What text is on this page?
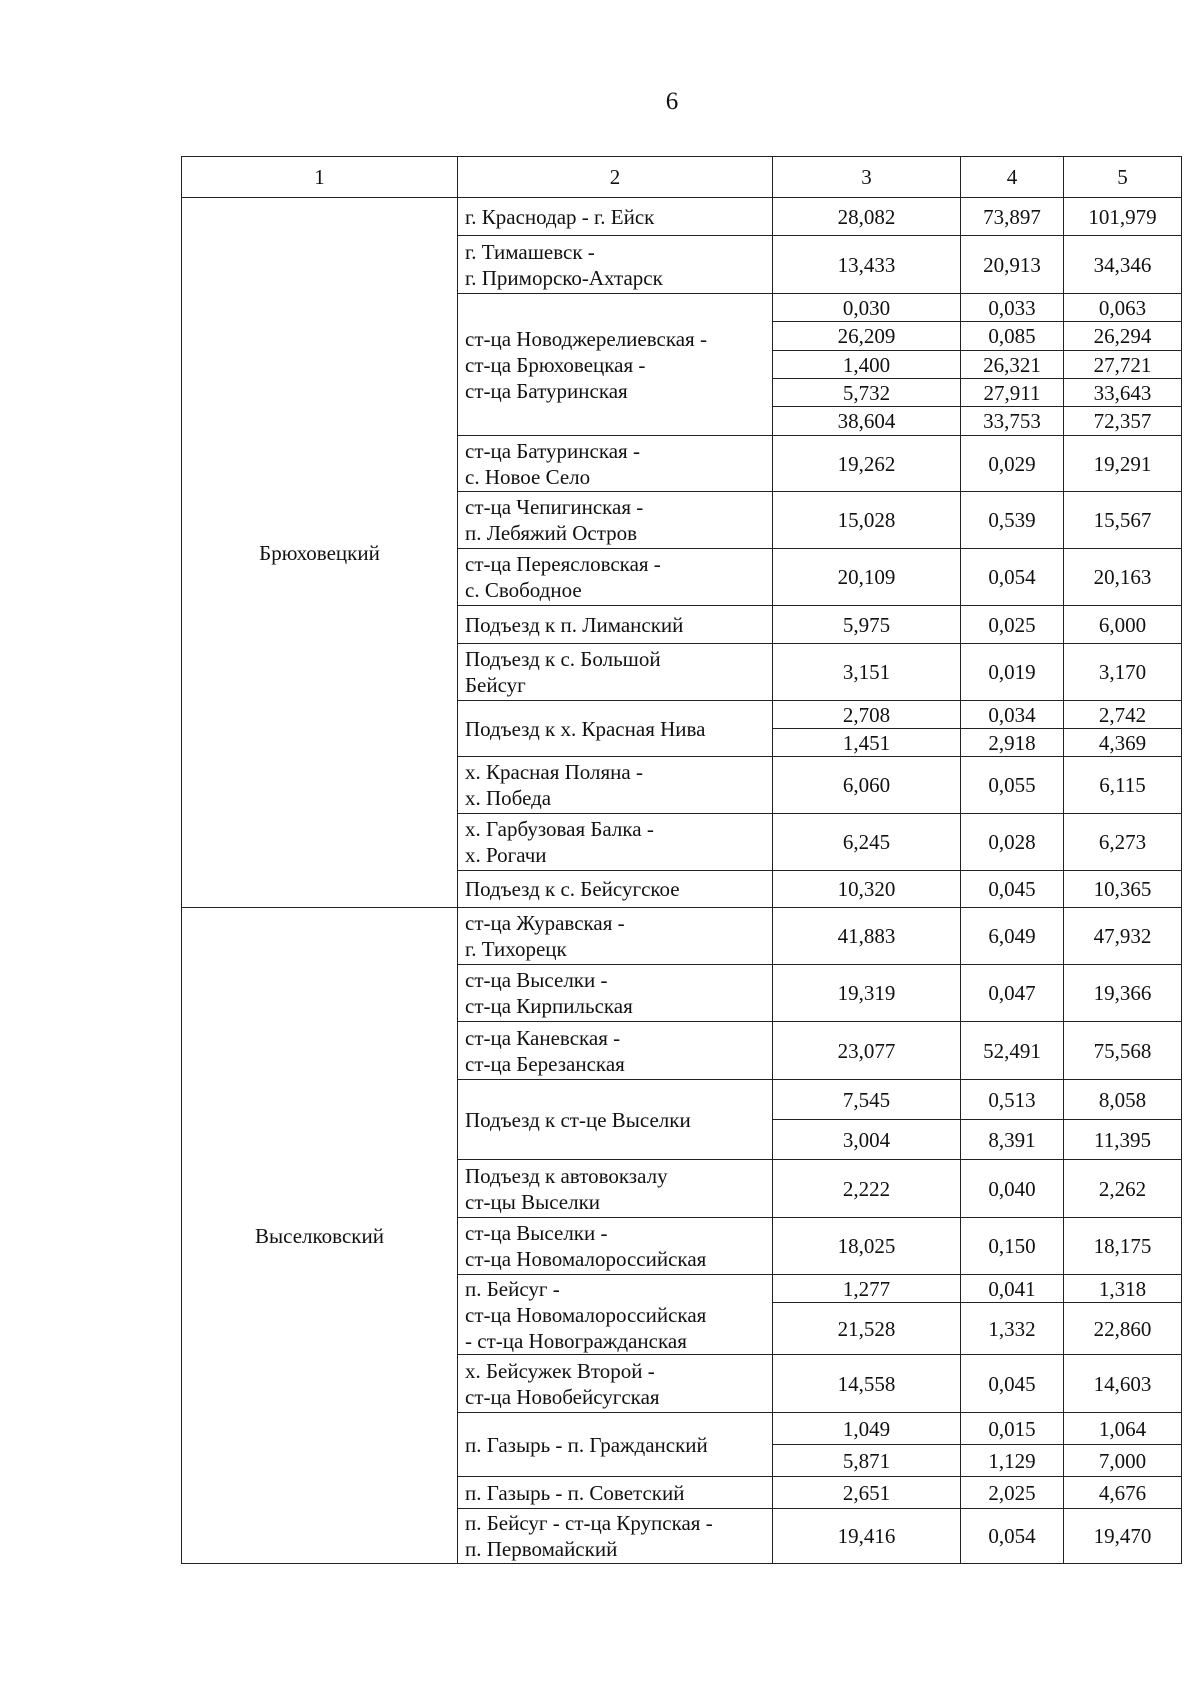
6
1	2	3	4	5
Брюховецкий	г. Краснодар - г. Ейск	28,082	73,897	101,979

	г. Тимашевск -
г. Приморско-Ахтарск	13,433	20,913	34,346

	ст-ца Новоджерелиевская -
ст-ца Брюховецкая -
ст-ца Батуринская	0,030	0,033	0,063
		26,209	0,085	26,294
		1,400	26,321	27,721
		5,732	27,911	33,643
		38,604	33,753	72,357

	ст-ца Батуринская -
с. Новое Село	19,262	0,029	19,291

	ст-ца Чепигинская -
п. Лебяжий Остров	15,028	0,539	15,567

	ст-ца Переясловская -
с. Свободное	20,109	0,054	20,163

	Подъезд к п. Лиманский	5,975	0,025	6,000

	Подъезд к с. Большой
Бейсуг	3,151	0,019	3,170

	Подъезд к х. Красная Нива	2,708	0,034	2,742
		1,451	2,918	4,369

	х. Красная Поляна -
х. Победа	6,060	0,055	6,115

	х. Гарбузовая Балка -
х. Рогачи	6,245	0,028	6,273

	Подъезд к с. Бейсугское	10,320	0,045	10,365
Выселковский	ст-ца Журавская -
г. Тихорецк	41,883	6,049	47,932

	ст-ца Выселки -
ст-ца Кирпильская	19,319	0,047	19,366

	ст-ца Каневская -
ст-ца Березанская	23,077	52,491	75,568

	Подъезд к ст-це Выселки	7,545	0,513	8,058
		3,004	8,391	11,395

	Подъезд к автовокзалу
ст-цы Выселки	2,222	0,040	2,262

	ст-ца Выселки -
ст-ца Новомалороссийская	18,025	0,150	18,175

	п. Бейсуг -
ст-ца Новомалороссийская
- ст-ца Новогражданская	1,277	0,041	1,318
		21,528	1,332	22,860

	х. Бейсужек Второй -
ст-ца Новобейсугская	14,558	0,045	14,603

	п. Газырь - п. Гражданский	1,049	0,015	1,064
		5,871	1,129	7,000

	п. Газырь - п. Советский	2,651	2,025	4,676

	п. Бейсуг - ст-ца Крупская -
п. Первомайский	19,416	0,054	19,470
